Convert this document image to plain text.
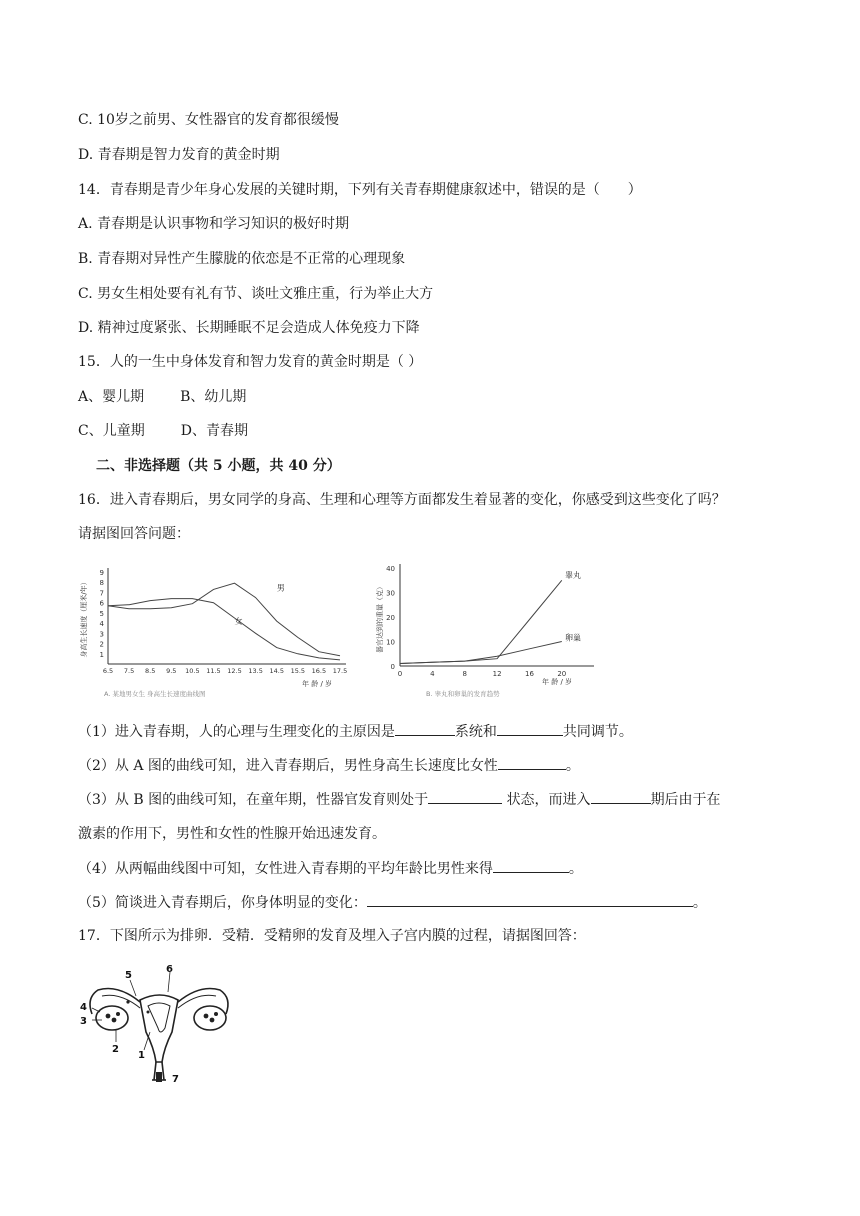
C. 10岁之前男、女性器官的发育都很缓慢
D. 青春期是智力发育的黄金时期
14．青春期是青少年身心发展的关键时期，下列有关青春期健康叙述中，错误的是（　　）
A. 青春期是认识事物和学习知识的极好时期
B. 青春期对异性产生朦胧的依恋是不正常的心理现象
C. 男女生相处要有礼有节、谈吐文雅庄重，行为举止大方
D. 精神过度紧张、长期睡眠不足会造成人体免疫力下降
15．人的一生中身体发育和智力发育的黄金时期是（ ）
A、婴儿期	B、幼儿期
C、儿童期	D、青春期
二、非选择题（共 5 小题，共 40 分）
16．进入青春期后，男女同学的身高、生理和心理等方面都发生着显著的变化，你感受到这些变化了吗？
请据图回答问题：
1
2
3
4
5
6
7
8
9
6.5 7.5 8.5 9.5 10.5 11.5 12.5 13.5 14.5 15.5 16.5 17.5
身高生长速度（厘米/年）
年 龄 / 岁
A. 某地男女生 身高生长速度曲线图
男
女
0
10
20
30
40
0	4	8	12	16	20
器官达到的重量（克）
年 龄 / 岁
B. 睾丸和卵巢的发育趋势
睾丸
卵巢
（1）进入青春期，人的心理与生理变化的主原因是	系统和	共同调节。
（2）从 A 图的曲线可知，进入青春期后，男性身高生长速度比女性	。
（3）从 B 图的曲线可知，在童年期，性器官发育则处于	状态，而进入	期后由于在
激素的作用下，男性和女性的性腺开始迅速发育。
（4）从两幅曲线图中可知，女性进入青春期的平均年龄比男性来得	。
（5）简谈进入青春期后，你身体明显的变化：	。
17．下图所示为排卵．受精．受精卵的发育及埋入子宫内膜的过程，请据图回答：
5
6
4
3
2
1
7
